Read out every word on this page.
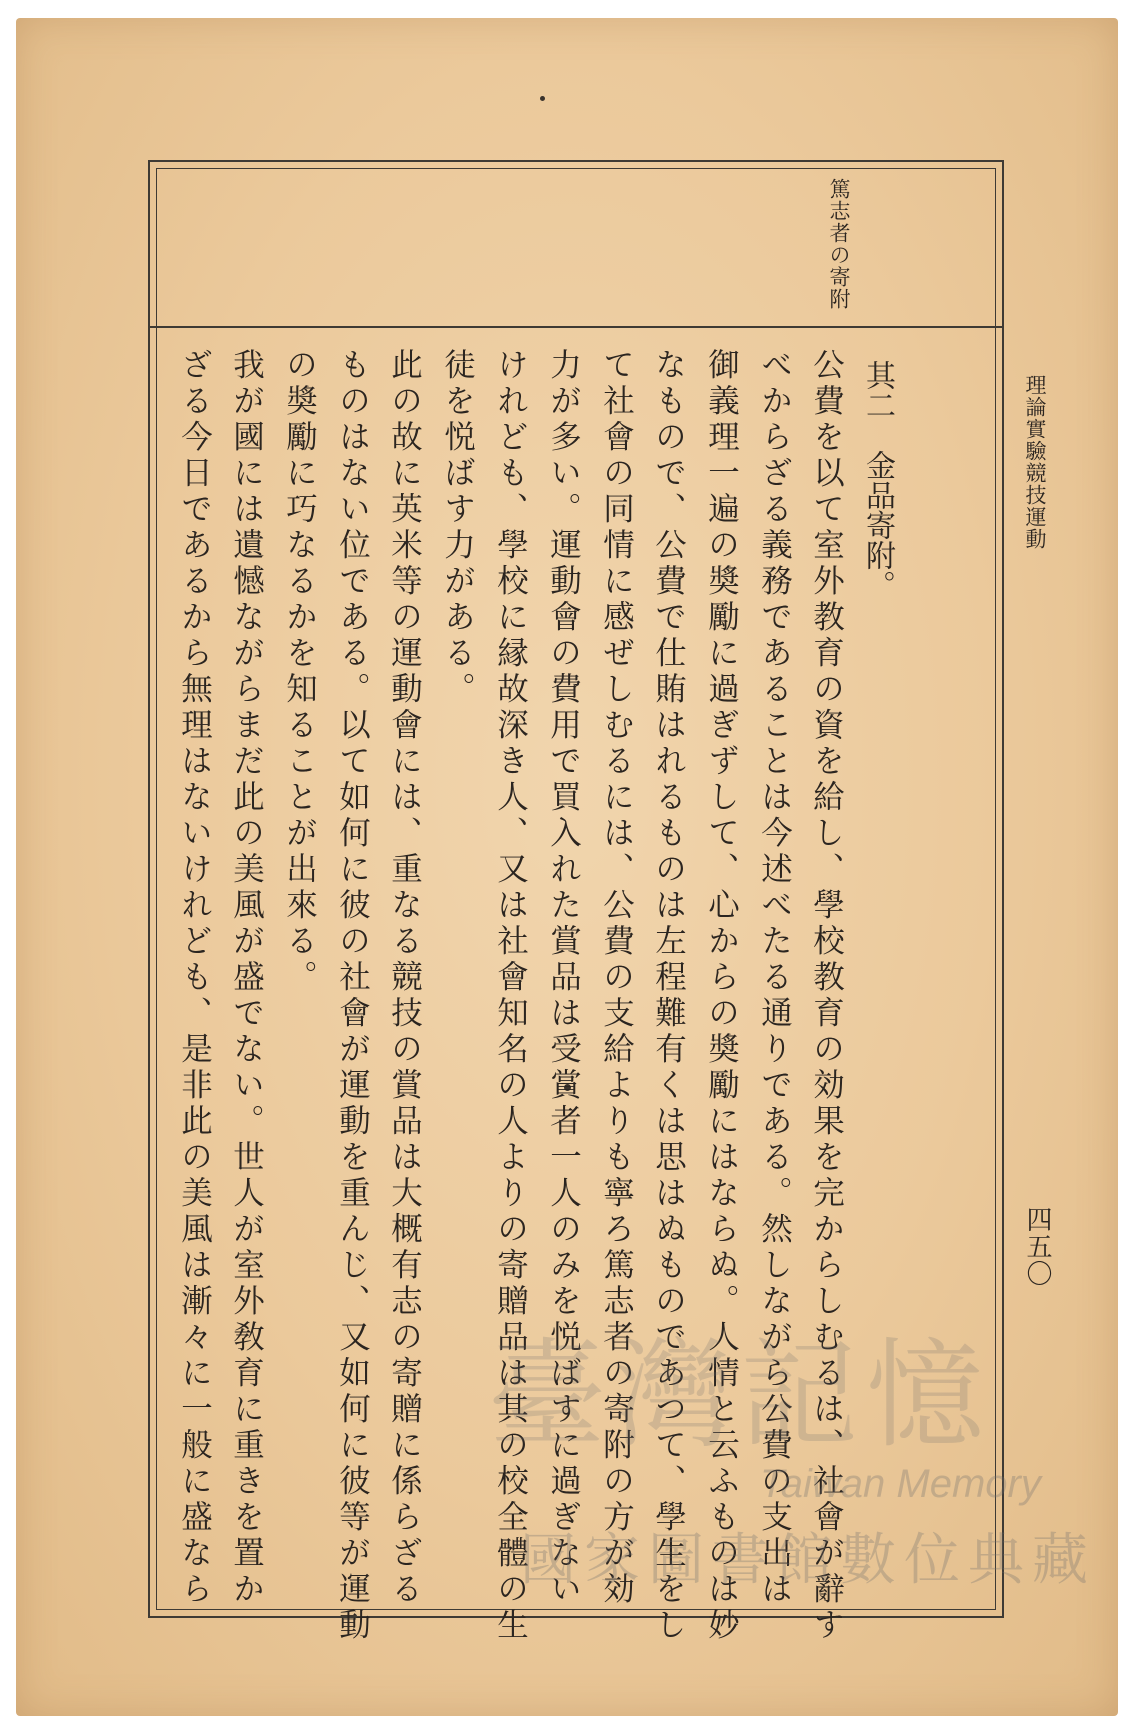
理論實驗競技運動
四五〇
篤志者の寄附
其二　金品寄附。
公費を以て室外教育の資を給し、學校教育の効果を完からしむるは、社會が辭す
べからざる義務であることは今述べたる通りである。然しながら公費の支出は
御義理一遍の奬勵に過ぎずして、心からの奬勵にはならぬ。人情と云ふものは妙
なもので、公費で仕賄はれるものは左程難有くは思はぬものであつて、學生をし
て社會の同情に感ぜしむるには、公費の支給よりも寧ろ篤志者の寄附の方が効
力が多い。運動會の費用で買入れた賞品は受賞者一人のみを悦ばすに過ぎない
けれども、學校に縁故深き人、又は社會知名の人よりの寄贈品は其の校全體の生
徒を悦ばす力がある。
此の故に英米等の運動會には、重なる競技の賞品は大概有志の寄贈に係らざる
ものはない位である。以て如何に彼の社會が運動を重んじ、又如何に彼等が運動
の奬勵に巧なるかを知ることが出來る。
我が國には遺憾ながらまだ此の美風が盛でない。世人が室外敎育に重きを置か
ざる今日であるから無理はないけれども、是非此の美風は漸々に一般に盛なら 臺灣記憶
Taiwan Memory
國家圖書館數位典藏
